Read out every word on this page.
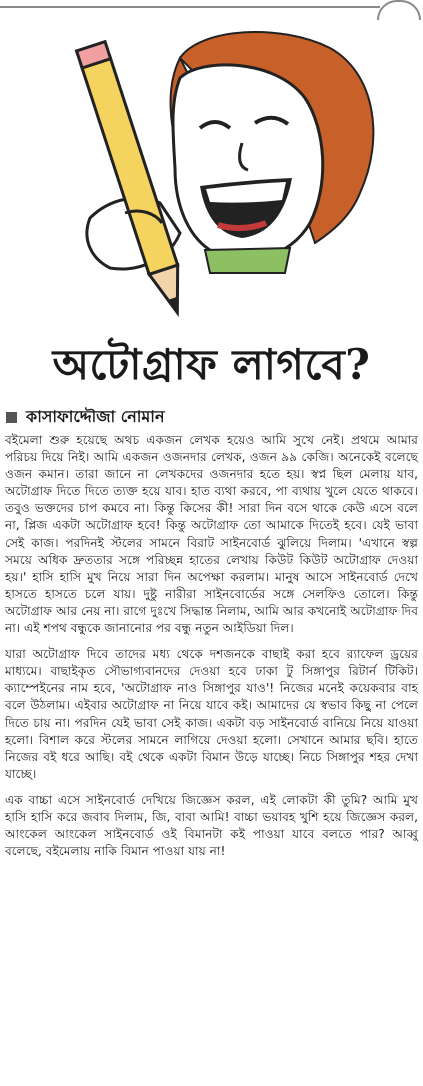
অটোগ্রাফ লাগবে?
কাসাফাদ্দৌজা নোমান

বইমেলা শুরু হয়েছে অথচ একজন লেখক হয়েও আমি সুখে নেই। প্রথমে আমার পরিচয় দিয়ে নিই। আমি একজন ওজনদার লেখক, ওজন ৯৯ কেজি। অনেকেই বলেছে ওজন কমান। তারা জানে না লেখকদের ওজনদার হতে হয়। স্বপ্ন ছিল মেলায় যাব, অটোগ্রাফ দিতে দিতে ত্যক্ত হয়ে যাব। হাত ব্যথা করবে, পা ব্যথায় খুলে যেতে থাকবে। তবুও ভক্তদের চাপ কমবে না। কিন্তু কিসের কী! সারা দিন বসে থাকে কেউ এসে বলে না, প্লিজ একটা অটোগ্রাফ হবে! কিন্তু অটোগ্রাফ তো আমাকে দিতেই হবে। যেই ভাবা সেই কাজ। পরদিনই স্টলের সামনে বিরাট সাইনবোর্ড ঝুলিয়ে দিলাম। 'এখানে স্বল্প সময়ে অধিক দ্রুততার সঙ্গে পরিচ্ছন্ন হাতের লেখায় কিউট কিউট অটোগ্রাফ দেওয়া হয়।' হাসি হাসি মুখ নিয়ে সারা দিন অপেক্ষা করলাম। মানুষ আসে সাইনবোর্ড দেখে হাসতে হাসতে চলে যায়। দুষ্টু নারীরা সাইনবোর্ডের সঙ্গে সেলফিও তোলে। কিন্তু অটোগ্রাফ আর নেয় না। রাগে দুঃখে সিদ্ধান্ত নিলাম, আমি আর কখনোই অটোগ্রাফ দিব না। এই শপথ বন্ধুকে জানানোর পর বন্ধু নতুন আইডিয়া দিল।

যারা অটোগ্রাফ দিবে তাদের মধ্য থেকে দশজনকে বাছাই করা হবে র‍্যাফেল ড্রয়ের মাধ্যমে। বাছাইকৃত সৌভাগ্যবানদের দেওয়া হবে ঢাকা টু সিঙ্গাপুর রিটার্ন টিকিট। ক্যাম্পেইনের নাম হবে, 'অটোগ্রাফ নাও সিঙ্গাপুর যাও'! নিজের মনেই কয়েকবার বাহ বলে উঠলাম। এইবার অটোগ্রাফ না নিয়ে যাবে কই। আমাদের যে স্বভাব কিছু না পেলে দিতে চায় না। পরদিন যেই ভাবা সেই কাজ। একটা বড় সাইনবোর্ড বানিয়ে নিয়ে যাওয়া হলো। বিশাল করে স্টলের সামনে লাগিয়ে দেওয়া হলো। সেখানে আমার ছবি। হাতে নিজের বই ধরে আছি। বই থেকে একটা বিমান উড়ে যাচ্ছে। নিচে সিঙ্গাপুর শহর দেখা যাচ্ছে।

এক বাচ্চা এসে সাইনবোর্ড দেখিয়ে জিজ্ঞেস করল, এই লোকটা কী তুমি? আমি মুখ হাসি হাসি করে জবাব দিলাম, জি, বাবা আমি! বাচ্চা ভয়াবহ খুশি হয়ে জিজ্ঞেস করল, আংকেল আংকেল সাইনবোর্ড ওই বিমানটা কই পাওয়া যাবে বলতে পার? আব্বু বলেছে, বইমেলায় নাকি বিমান পাওয়া যায় না!
